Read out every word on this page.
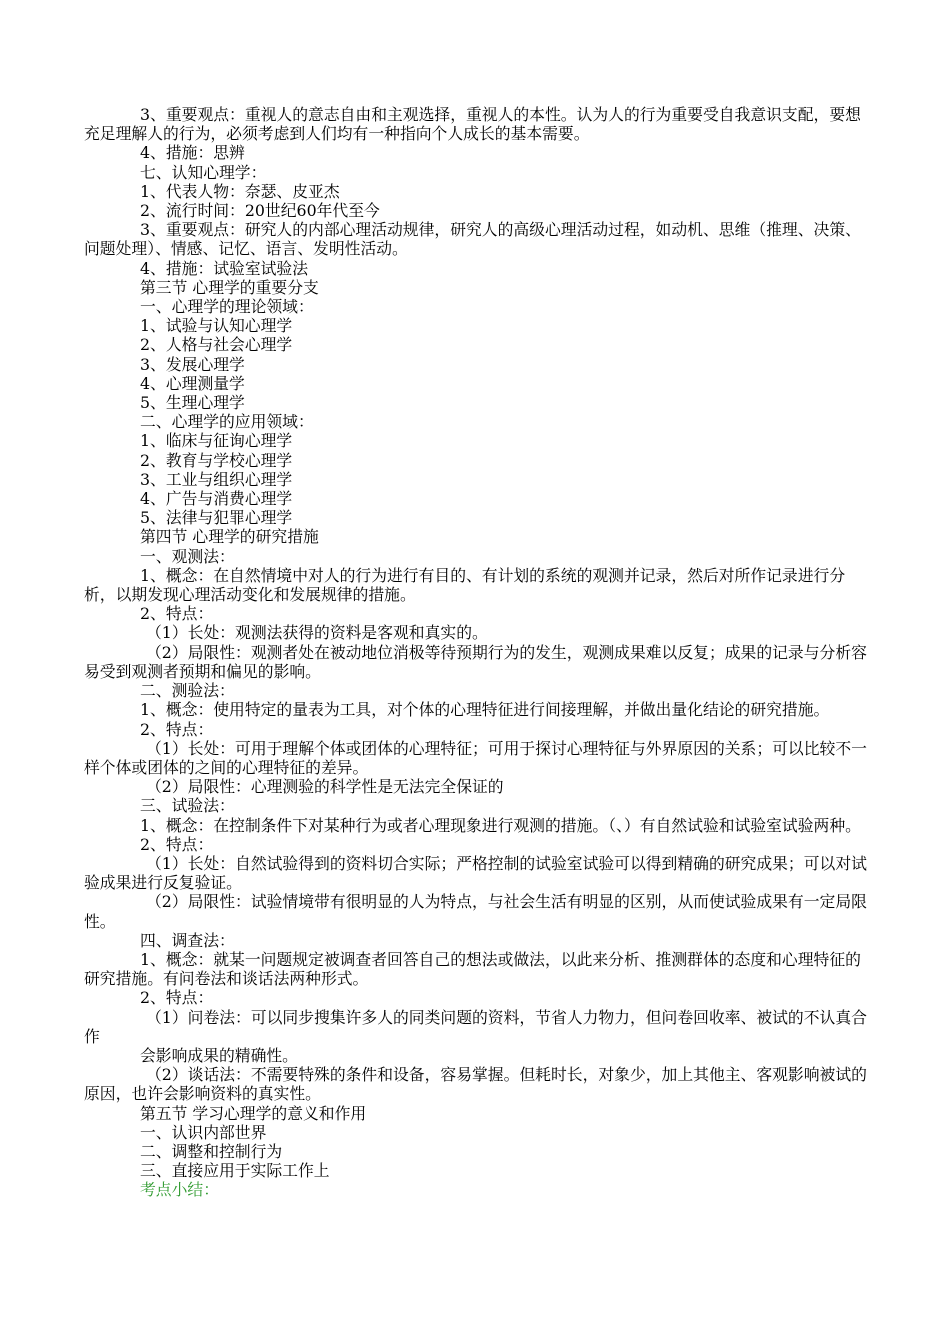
3、重要观点：重视人的意志自由和主观选择，重视人的本性。认为人的行为重要受自我意识支配，要想充足理解人的行为，必须考虑到人们均有一种指向个人成长的基本需要。

4、措施：思辨

七、认知心理学：

1、代表人物：奈瑟、皮亚杰

2、流行时间：20世纪60年代至今

3、重要观点：研究人的内部心理活动规律，研究人的高级心理活动过程，如动机、思维（推理、决策、问题处理）、情感、记忆、语言、发明性活动。

4、措施：试验室试验法

第三节 心理学的重要分支

一、心理学的理论领域：

1、试验与认知心理学

2、人格与社会心理学

3、发展心理学

4、心理测量学

5、生理心理学

二、心理学的应用领域：

1、临床与征询心理学

2、教育与学校心理学

3、工业与组织心理学

4、广告与消费心理学

5、法律与犯罪心理学

第四节 心理学的研究措施

一、观测法：

1、概念：在自然情境中对人的行为进行有目的、有计划的系统的观测并记录，然后对所作记录进行分析，以期发现心理活动变化和发展规律的措施。

2、特点：

（1）长处：观测法获得的资料是客观和真实的。

（2）局限性：观测者处在被动地位消极等待预期行为的发生，观测成果难以反复；成果的记录与分析容易受到观测者预期和偏见的影响。

二、测验法：

1、概念：使用特定的量表为工具，对个体的心理特征进行间接理解，并做出量化结论的研究措施。

2、特点：

（1）长处：可用于理解个体或团体的心理特征；可用于探讨心理特征与外界原因的关系；可以比较不一样个体或团体的之间的心理特征的差异。

（2）局限性：心理测验的科学性是无法完全保证的

三、试验法：

1、概念：在控制条件下对某种行为或者心理现象进行观测的措施。（、）有自然试验和试验室试验两种。

2、特点：

（1）长处：自然试验得到的资料切合实际；严格控制的试验室试验可以得到精确的研究成果；可以对试验成果进行反复验证。

（2）局限性：试验情境带有很明显的人为特点，与社会生活有明显的区别，从而使试验成果有一定局限性。

四、调查法：

1、概念：就某一问题规定被调查者回答自己的想法或做法，以此来分析、推测群体的态度和心理特征的研究措施。有问卷法和谈话法两种形式。

2、特点：

（1）问卷法：可以同步搜集许多人的同类问题的资料，节省人力物力，但问卷回收率、被试的不认真合作

会影响成果的精确性。

（2）谈话法：不需要特殊的条件和设备，容易掌握。但耗时长，对象少，加上其他主、客观影响被试的原因，也许会影响资料的真实性。

第五节 学习心理学的意义和作用

一、认识内部世界

二、调整和控制行为

三、直接应用于实际工作上

考点小结：
